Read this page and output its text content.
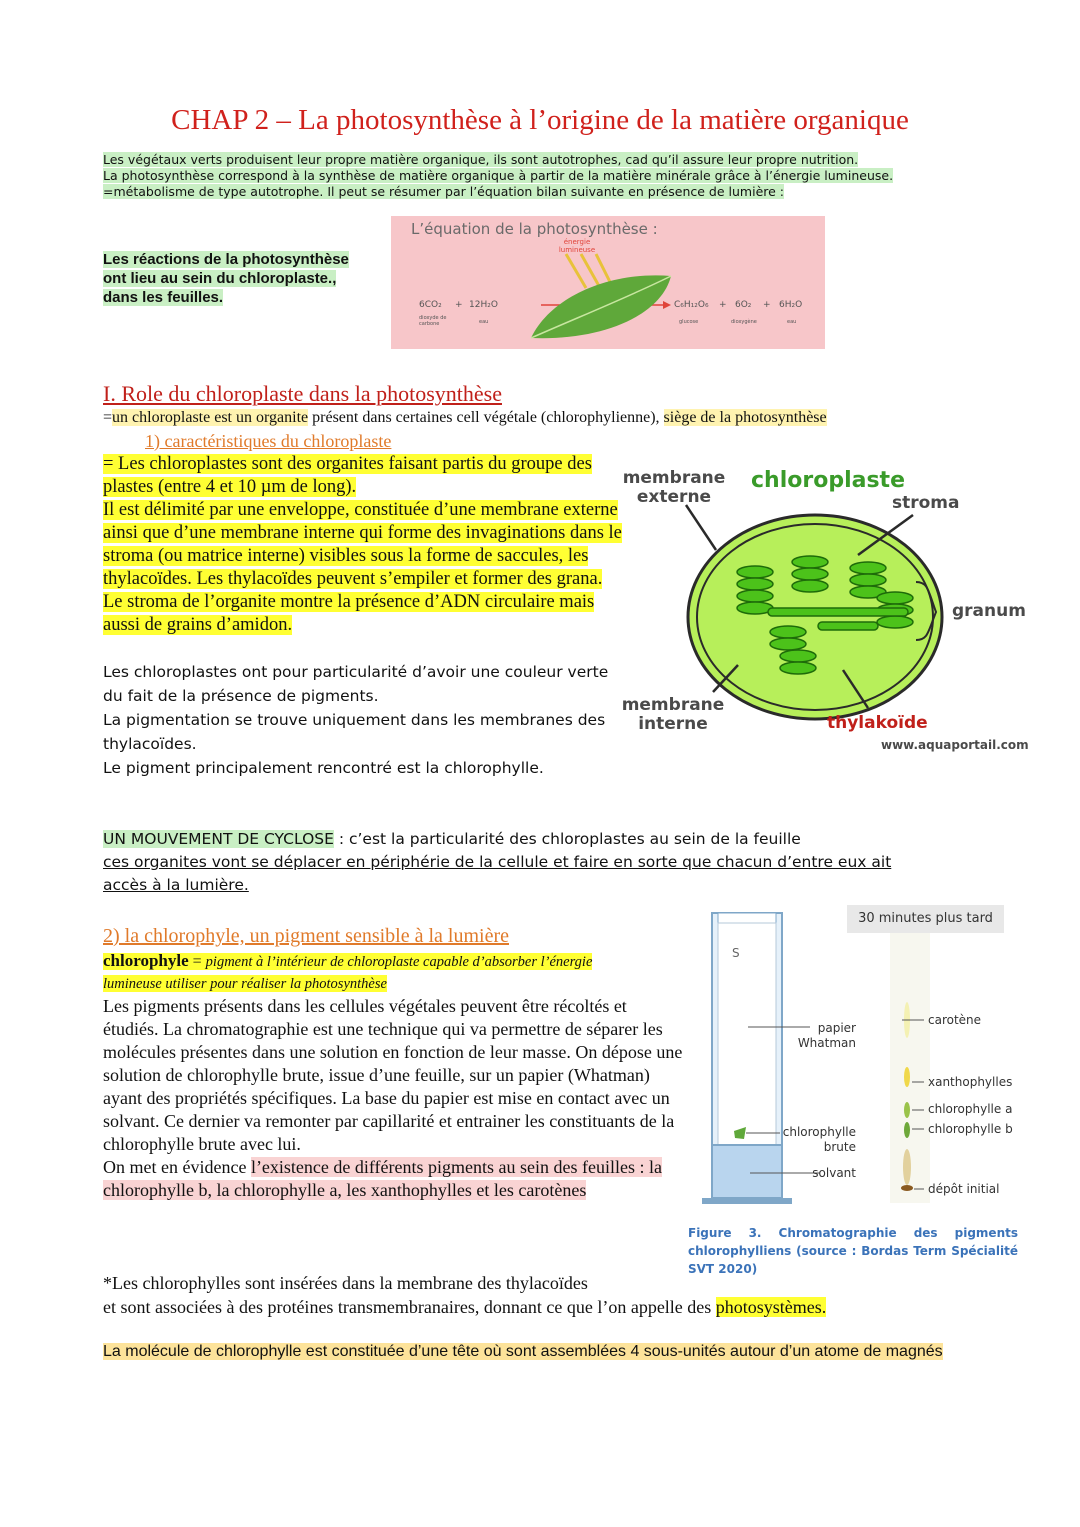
CHAP 2 – La photosynthèse à l’origine de la matière organique
Les végétaux verts produisent leur propre matière organique, ils sont autotrophes, cad qu’il assure leur propre nutrition.
La photosynthèse correspond à la synthèse de matière organique à partir de la matière minérale grâce à l’énergie lumineuse.
=métabolisme de type autotrophe. Il peut se résumer par l’équation bilan suivante en présence de lumière :
Les réactions de la photosynthèse
ont lieu au sein du chloroplaste.,
dans les feuilles.
L’équation de la photosynthèse :
énergie lumineuse
6CO₂ + 12H₂O	C₆H₁₂O₆ + 6O₂ + 6H₂O
dioxyde de carbone	eau	glucose	dioxygène	eau
I. Role du chloroplaste dans la photosynthèse
=un chloroplaste est un organite présent dans certaines cell végétale (chlorophylienne), siège de la photosynthèse
1) caractéristiques du chloroplaste
= Les chloroplastes sont des organites faisant partis du groupe des plastes (entre 4 et 10 µm de long).
Il est délimité par une enveloppe, constituée d’une membrane externe ainsi que d’une membrane interne qui forme des invaginations dans le stroma (ou matrice interne) visibles sous la forme de saccules, les thylacoïdes. Les thylacoïdes peuvent s’empiler et former des grana.
Le stroma de l’organite montre la présence d’ADN circulaire mais aussi de grains d’amidon.
Les chloroplastes ont pour particularité d’avoir une couleur verte du fait de la présence de pigments.
La pigmentation se trouve uniquement dans les membranes des thylacoïdes.
Le pigment principalement rencontré est la chlorophylle.
chloroplaste
membrane
externe	stroma
granum
membrane
interne	thylakoïde
www.aquaportail.com
UN MOUVEMENT DE CYCLOSE : c’est la particularité des chloroplastes au sein de la feuille
ces organites vont se déplacer en périphérie de la cellule et faire en sorte que chacun d’entre eux ait
accès à la lumière.
2) la chlorophyle, un pigment sensible à la lumière
chlorophyle = pigment à l’intérieur de chloroplaste capable d’absorber l’énergie lumineuse utiliser pour réaliser la photosynthèse
Les pigments présents dans les cellules végétales peuvent être récoltés et étudiés. La chromatographie est une technique qui va permettre de séparer les molécules présentes dans une solution en fonction de leur masse. On dépose une solution de chlorophylle brute, issue d’une feuille, sur un papier (Whatman) ayant des propriétés spécifiques. La base du papier est mise en contact avec un solvant. Ce dernier va remonter par capillarité et entrainer les constituants de la chlorophylle brute avec lui.
On met en évidence l’existence de différents pigments au sein des feuilles : la chlorophylle b, la chlorophylle a, les xanthophylles et les carotènes
*Les chlorophylles sont insérées dans la membrane des thylacoïdes
et sont associées à des protéines transmembranaires, donnant ce que l’on appelle des photosystèmes.
La molécule de chlorophylle est constituée d’une tête où sont assemblées 4 sous-unités autour d’un atome de magnés
S
30 minutes plus tard
papier
Whatman
chlorophylle
brute
solvant
carotène
xanthophylles
chlorophylle a
chlorophylle b
dépôt initial
Figure 3. Chromatographie des pigments chlorophylliens (source : Bordas Term Spécialité SVT 2020)
